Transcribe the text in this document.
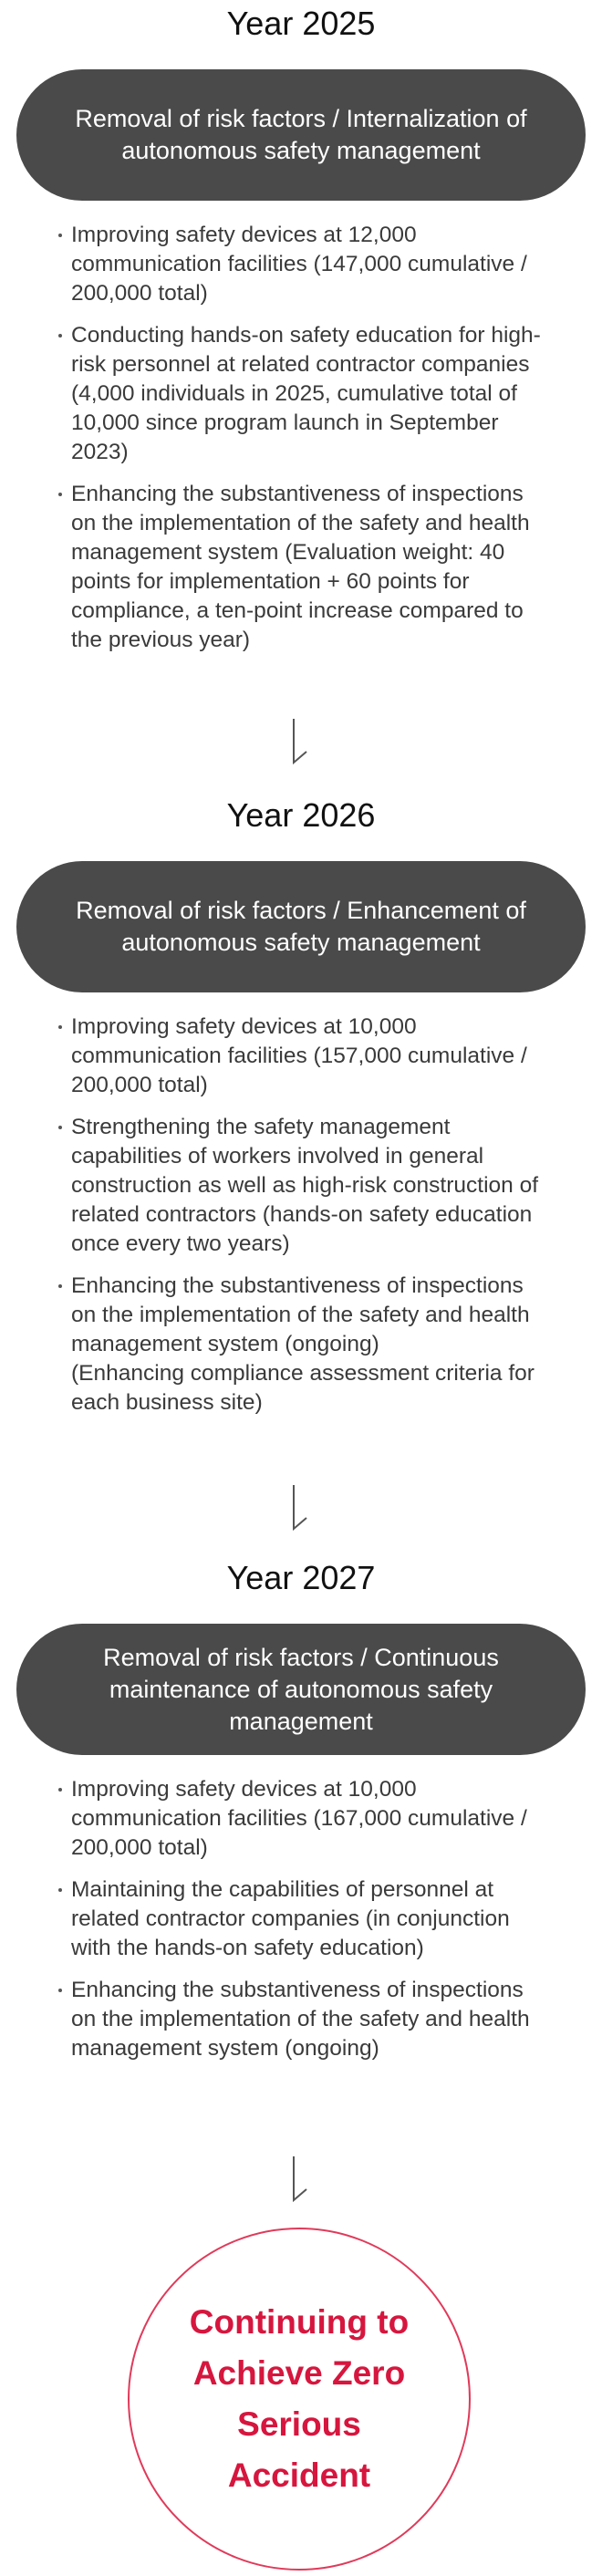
Year 2025
Removal of risk factors / Internalization of autonomous safety management
Improving safety devices at 12,000 communication facilities (147,000 cumulative / 200,000 total)
Conducting hands-on safety education for high-risk personnel at related contractor companies (4,000 individuals in 2025, cumulative total of 10,000 since program launch in September 2023)
Enhancing the substantiveness of inspections on the implementation of the safety and health management system (Evaluation weight: 40 points for implementation + 60 points for compliance, a ten-point increase compared to the previous year)
Year 2026
Removal of risk factors / Enhancement of autonomous safety management
Improving safety devices at 10,000 communication facilities (157,000 cumulative / 200,000 total)
Strengthening the safety management capabilities of workers involved in general construction as well as high-risk construction of related contractors (hands-on safety education once every two years)
Enhancing the substantiveness of inspections on the implementation of the safety and health management system (ongoing)
(Enhancing compliance assessment criteria for each business site)
Year 2027
Removal of risk factors / Continuous maintenance of autonomous safety management
Improving safety devices at 10,000 communication facilities (167,000 cumulative / 200,000 total)
Maintaining the capabilities of personnel at related contractor companies (in conjunction with the hands-on safety education)
Enhancing the substantiveness of inspections on the implementation of the safety and health management system (ongoing)
Continuing to Achieve Zero Serious Accident
